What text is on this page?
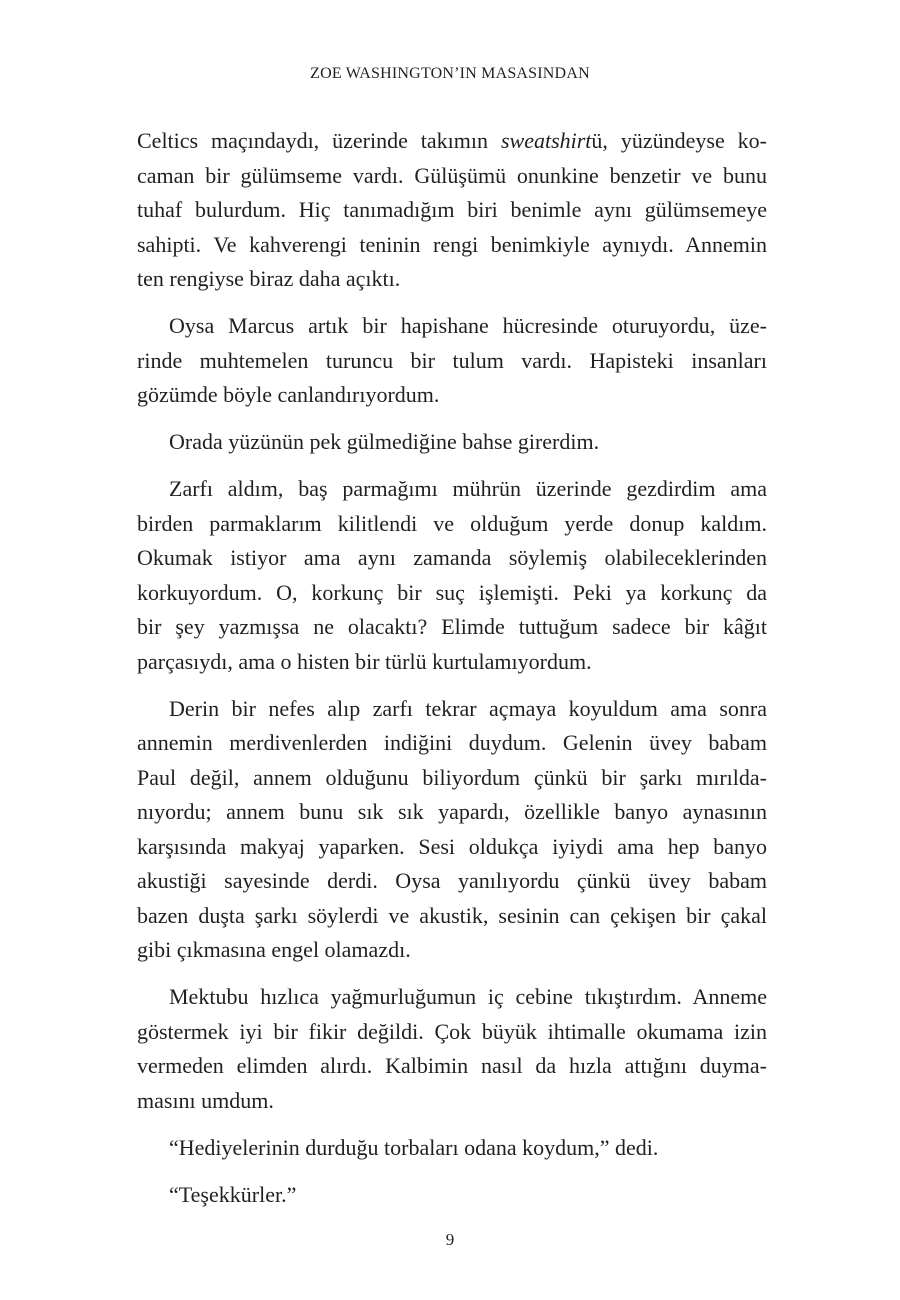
ZOE WASHINGTON’IN MASASINDAN
Celtics maçındaydı, üzerinde takımın sweatshirtü, yüzündeyse ko-
caman bir gülümseme vardı. Gülüşümü onunkine benzetir ve bunu
tuhaf bulurdum. Hiç tanımadığım biri benimle aynı gülümsemeye
sahipti. Ve kahverengi teninin rengi benimkiyle aynıydı. Annemin
ten rengiyse biraz daha açıktı.
Oysa Marcus artık bir hapishane hücresinde oturuyordu, üze-
rinde muhtemelen turuncu bir tulum vardı. Hapisteki insanları
gözümde böyle canlandırıyordum.
Orada yüzünün pek gülmediğine bahse girerdim.
Zarfı aldım, baş parmağımı mührün üzerinde gezdirdim ama
birden parmaklarım kilitlendi ve olduğum yerde donup kaldım.
Okumak istiyor ama aynı zamanda söylemiş olabileceklerinden
korkuyordum. O, korkunç bir suç işlemişti. Peki ya korkunç da
bir şey yazmışsa ne olacaktı? Elimde tuttuğum sadece bir kâğıt
parçasıydı, ama o histen bir türlü kurtulamıyordum.
Derin bir nefes alıp zarfı tekrar açmaya koyuldum ama sonra
annemin merdivenlerden indiğini duydum. Gelenin üvey babam
Paul değil, annem olduğunu biliyordum çünkü bir şarkı mırılda-
nıyordu; annem bunu sık sık yapardı, özellikle banyo aynasının
karşısında makyaj yaparken. Sesi oldukça iyiydi ama hep banyo
akustiği sayesinde derdi. Oysa yanılıyordu çünkü üvey babam
bazen duşta şarkı söylerdi ve akustik, sesinin can çekişen bir çakal
gibi çıkmasına engel olamazdı.
Mektubu hızlıca yağmurluğumun iç cebine tıkıştırdım. Anneme
göstermek iyi bir fikir değildi. Çok büyük ihtimalle okumama izin
vermeden elimden alırdı. Kalbimin nasıl da hızla attığını duyma-
masını umdum.
“Hediyelerinin durduğu torbaları odana koydum,” dedi.
“Teşekkürler.”
9
